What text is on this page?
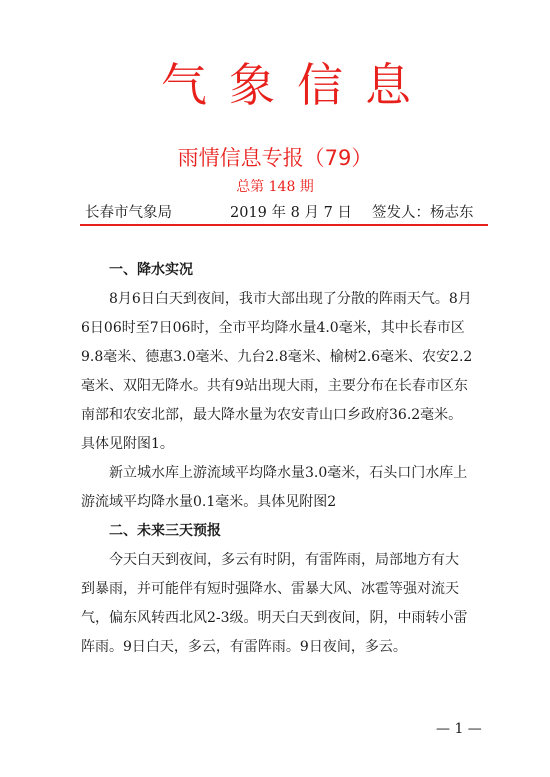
气象信息
雨情信息专报（79）
总第 148 期
长春市气象局	2019 年 8 月 7 日 签发人：杨志东

一、降水实况

8月6日白天到夜间，我市大部出现了分散的阵雨天气。8月
6日06时至7日06时，全市平均降水量4.0毫米，其中长春市区
9.8毫米、德惠3.0毫米、九台2.8毫米、榆树2.6毫米、农安2.2
毫米、双阳无降水。共有9站出现大雨，主要分布在长春市区东
南部和农安北部，最大降水量为农安青山口乡政府36.2毫米。
具体见附图1。

新立城水库上游流域平均降水量3.0毫米，石头口门水库上
游流域平均降水量0.1毫米。具体见附图2

二、未来三天预报

今天白天到夜间，多云有时阴，有雷阵雨，局部地方有大
到暴雨，并可能伴有短时强降水、雷暴大风、冰雹等强对流天
气，偏东风转西北风2-3级。明天白天到夜间，阴，中雨转小雷
阵雨。9日白天，多云，有雷阵雨。9日夜间，多云。

— 1 —
